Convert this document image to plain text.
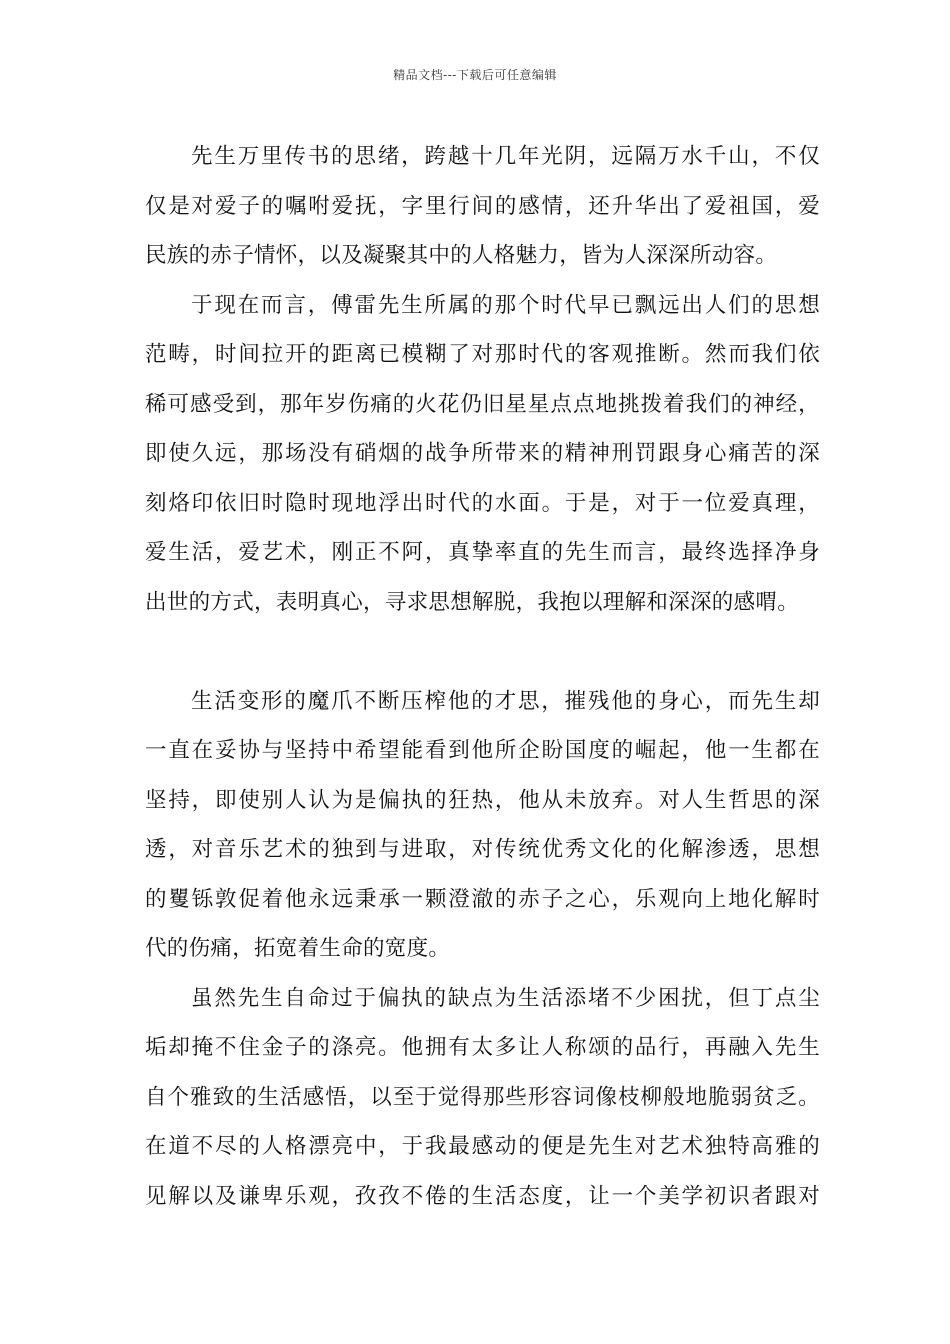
精品文档---下载后可任意编辑
先生万里传书的思绪，跨越十几年光阴，远隔万水千山，不仅
仅是对爱子的嘱咐爱抚，字里行间的感情，还升华出了爱祖国，爱
民族的赤子情怀，以及凝聚其中的人格魅力，皆为人深深所动容。
于现在而言，傅雷先生所属的那个时代早已飘远出人们的思想
范畴，时间拉开的距离已模糊了对那时代的客观推断。然而我们依
稀可感受到，那年岁伤痛的火花仍旧星星点点地挑拨着我们的神经，
即使久远，那场没有硝烟的战争所带来的精神刑罚跟身心痛苦的深
刻烙印依旧时隐时现地浮出时代的水面。于是，对于一位爱真理，
爱生活，爱艺术，刚正不阿，真挚率直的先生而言，最终选择净身
出世的方式，表明真心，寻求思想解脱，我抱以理解和深深的感喟。
生活变形的魔爪不断压榨他的才思，摧残他的身心，而先生却
一直在妥协与坚持中希望能看到他所企盼国度的崛起，他一生都在
坚持，即使别人认为是偏执的狂热，他从未放弃。对人生哲思的深
透，对音乐艺术的独到与进取，对传统优秀文化的化解渗透，思想
的矍铄敦促着他永远秉承一颗澄澈的赤子之心，乐观向上地化解时
代的伤痛，拓宽着生命的宽度。
虽然先生自命过于偏执的缺点为生活添堵不少困扰，但丁点尘
垢却掩不住金子的涤亮。他拥有太多让人称颂的品行，再融入先生
自个雅致的生活感悟，以至于觉得那些形容词像枝柳般地脆弱贫乏。
在道不尽的人格漂亮中，于我最感动的便是先生对艺术独特高雅的
见解以及谦卑乐观，孜孜不倦的生活态度，让一个美学初识者跟对
